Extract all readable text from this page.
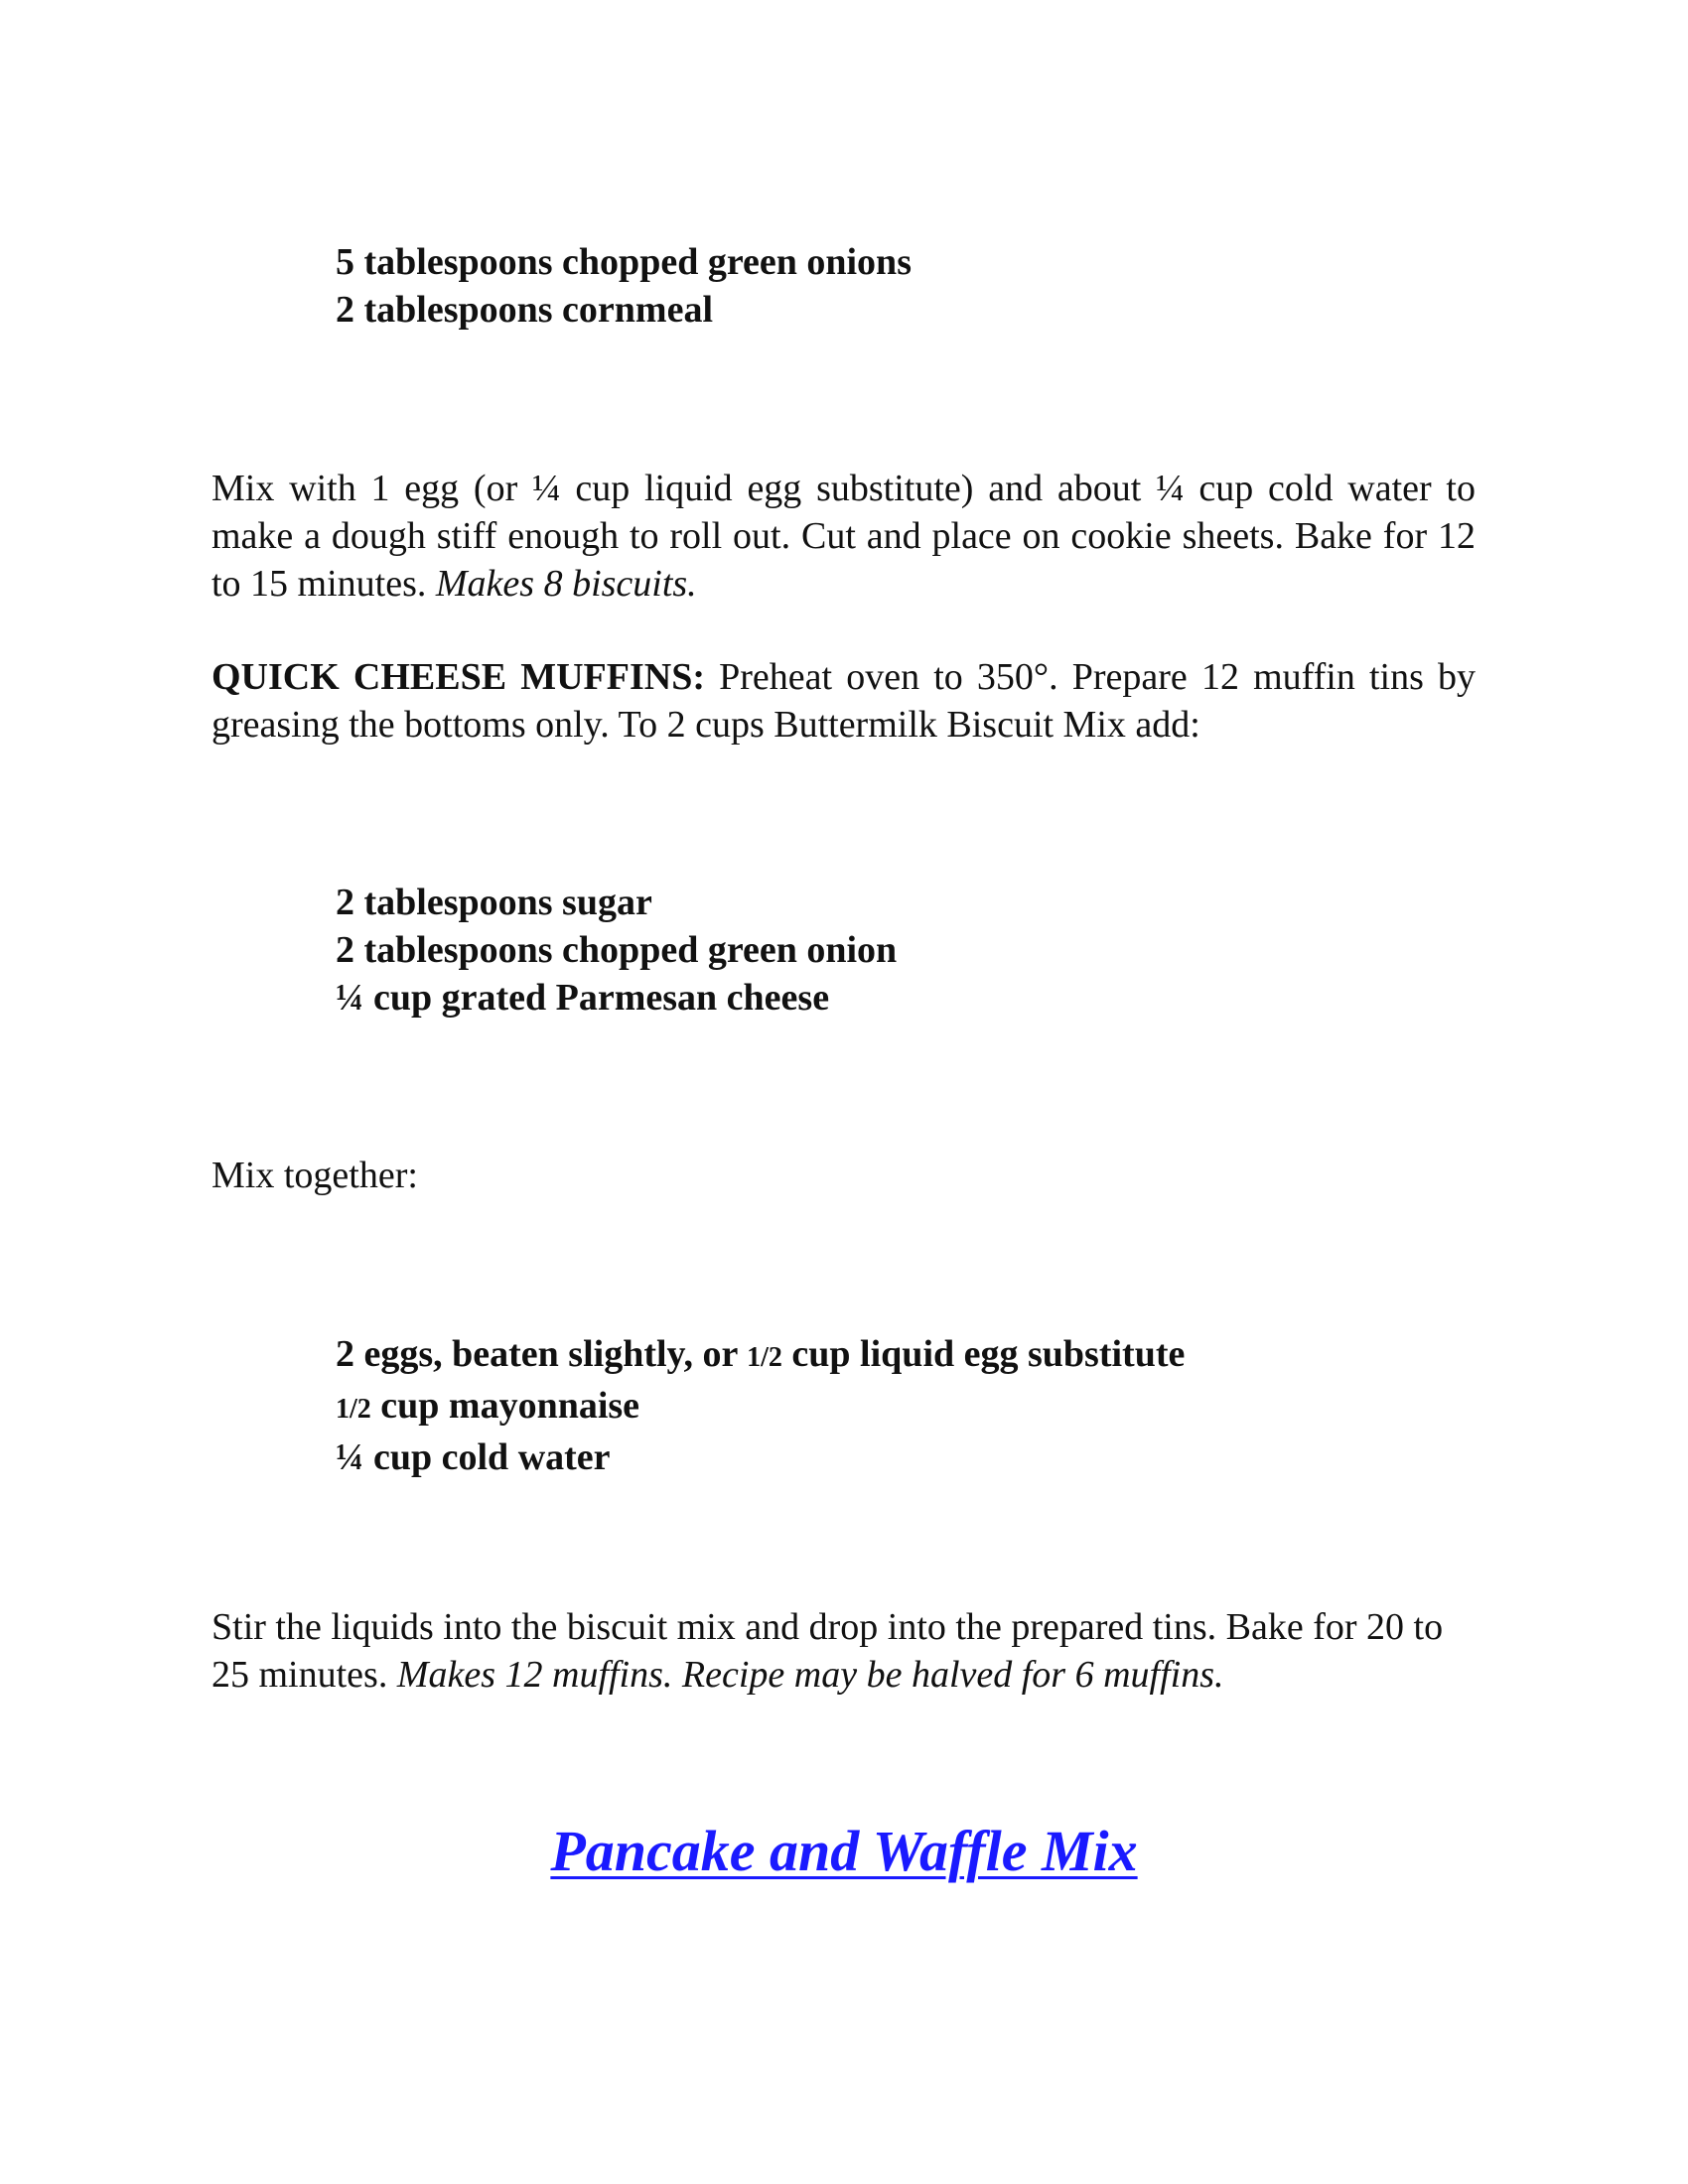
5 tablespoons chopped green onions
2 tablespoons cornmeal

Mix with 1 egg (or ¼ cup liquid egg substitute) and about ¼ cup cold water to make a dough stiff enough to roll out. Cut and place on cookie sheets. Bake for 12 to 15 minutes. Makes 8 biscuits.

QUICK CHEESE MUFFINS: Preheat oven to 350°. Prepare 12 muffin tins by greasing the bottoms only. To 2 cups Buttermilk Biscuit Mix add:

2 tablespoons sugar
2 tablespoons chopped green onion
¼ cup grated Parmesan cheese

Mix together:

2 eggs, beaten slightly, or 1/2 cup liquid egg substitute
1/2 cup mayonnaise
¼ cup cold water

Stir the liquids into the biscuit mix and drop into the prepared tins. Bake for 20 to 25 minutes. Makes 12 muffins. Recipe may be halved for 6 muffins.

Pancake and Waffle Mix
